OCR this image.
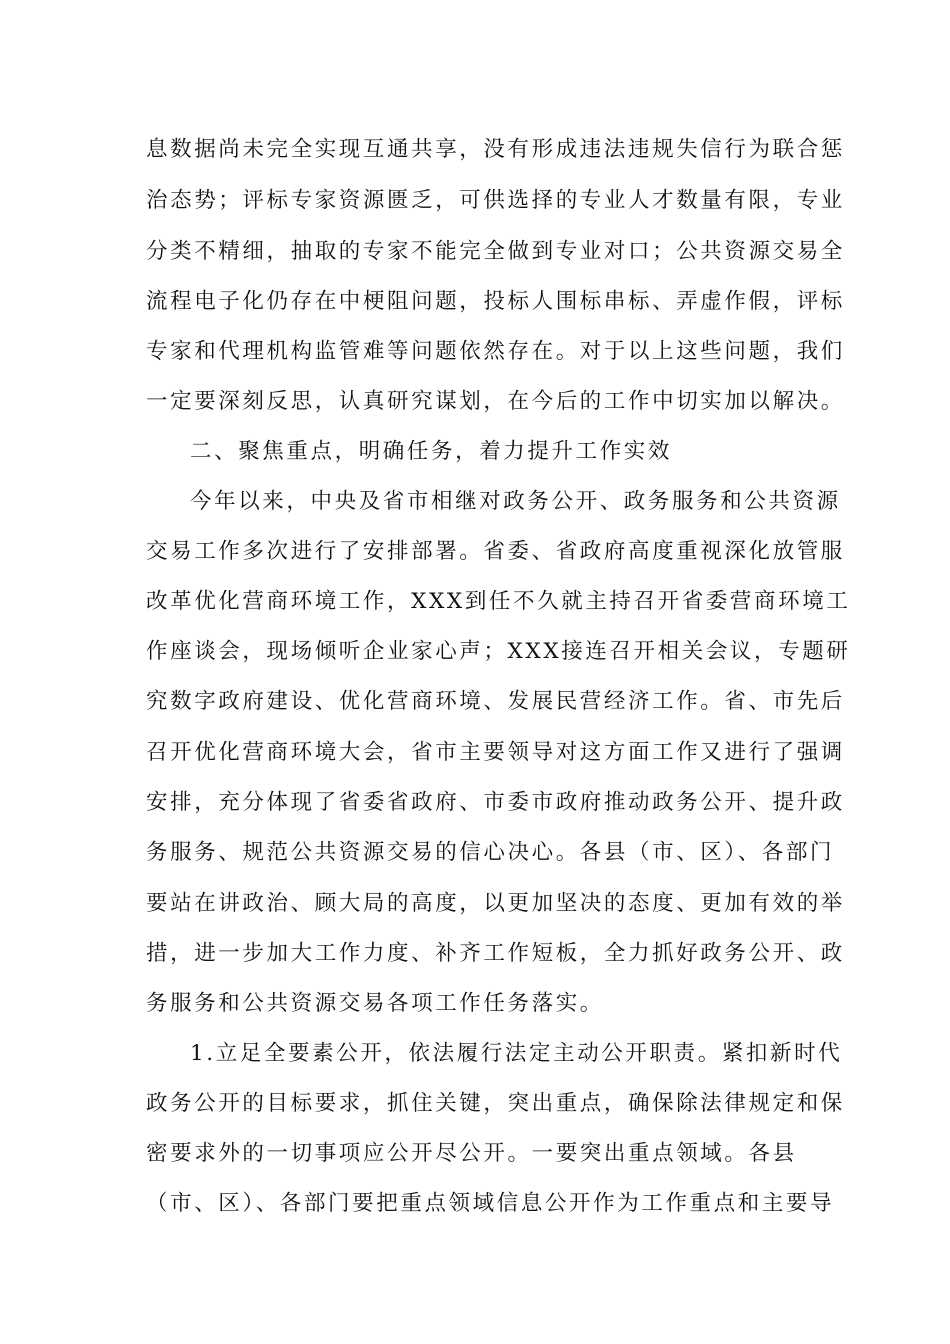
息数据尚未完全实现互通共享，没有形成违法违规失信行为联合惩
治态势；评标专家资源匮乏，可供选择的专业人才数量有限，专业
分类不精细，抽取的专家不能完全做到专业对口；公共资源交易全
流程电子化仍存在中梗阻问题，投标人围标串标、弄虚作假，评标
专家和代理机构监管难等问题依然存在。对于以上这些问题，我们
一定要深刻反思，认真研究谋划，在今后的工作中切实加以解决。
二、聚焦重点，明确任务，着力提升工作实效
今年以来，中央及省市相继对政务公开、政务服务和公共资源
交易工作多次进行了安排部署。省委、省政府高度重视深化放管服
改革优化营商环境工作，XXX到任不久就主持召开省委营商环境工
作座谈会，现场倾听企业家心声；XXX接连召开相关会议，专题研
究数字政府建设、优化营商环境、发展民营经济工作。省、市先后
召开优化营商环境大会，省市主要领导对这方面工作又进行了强调
安排，充分体现了省委省政府、市委市政府推动政务公开、提升政
务服务、规范公共资源交易的信心决心。各县（市、区）、各部门
要站在讲政治、顾大局的高度，以更加坚决的态度、更加有效的举
措，进一步加大工作力度、补齐工作短板，全力抓好政务公开、政
务服务和公共资源交易各项工作任务落实。
1.立足全要素公开，依法履行法定主动公开职责。紧扣新时代
政务公开的目标要求，抓住关键，突出重点，确保除法律规定和保
密要求外的一切事项应公开尽公开。一要突出重点领域。各县
（市、区）、各部门要把重点领域信息公开作为工作重点和主要导
